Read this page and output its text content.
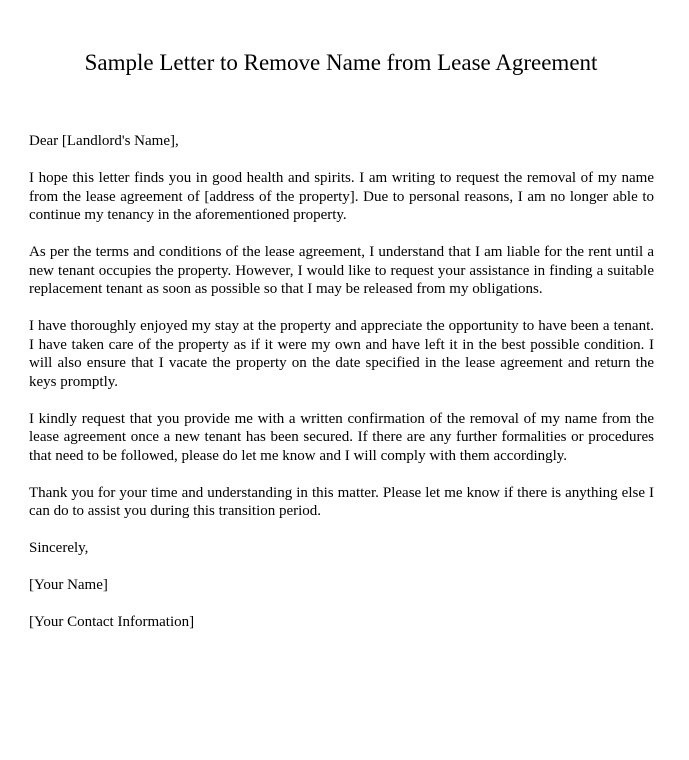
Sample Letter to Remove Name from Lease Agreement

Dear [Landlord's Name],

I hope this letter finds you in good health and spirits. I am writing to request the removal of my name from the lease agreement of [address of the property]. Due to personal reasons, I am no longer able to continue my tenancy in the aforementioned property.

As per the terms and conditions of the lease agreement, I understand that I am liable for the rent until a new tenant occupies the property. However, I would like to request your assistance in finding a suitable replacement tenant as soon as possible so that I may be released from my obligations.

I have thoroughly enjoyed my stay at the property and appreciate the opportunity to have been a tenant. I have taken care of the property as if it were my own and have left it in the best possible condition. I will also ensure that I vacate the property on the date specified in the lease agreement and return the keys promptly.

I kindly request that you provide me with a written confirmation of the removal of my name from the lease agreement once a new tenant has been secured. If there are any further formalities or procedures that need to be followed, please do let me know and I will comply with them accordingly.

Thank you for your time and understanding in this matter. Please let me know if there is anything else I can do to assist you during this transition period.

Sincerely,

[Your Name]

[Your Contact Information]
